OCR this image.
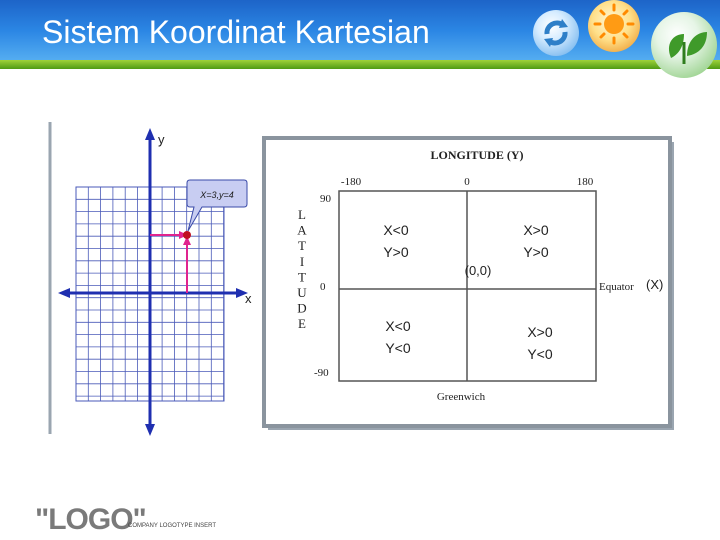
Sistem Koordinat Kartesian
y
x
X=3,y=4
LONGITUDE (Y)
-180	0	180
90
0
-90
L
A
T
I
T
U
D
E
(0,0)
X<0
Y>0
X>0
Y>0
X<0
Y<0
X>0
Y<0
Equator (X)
Greenwich
"LOGO"
COMPANY LOGOTYPE INSERT
